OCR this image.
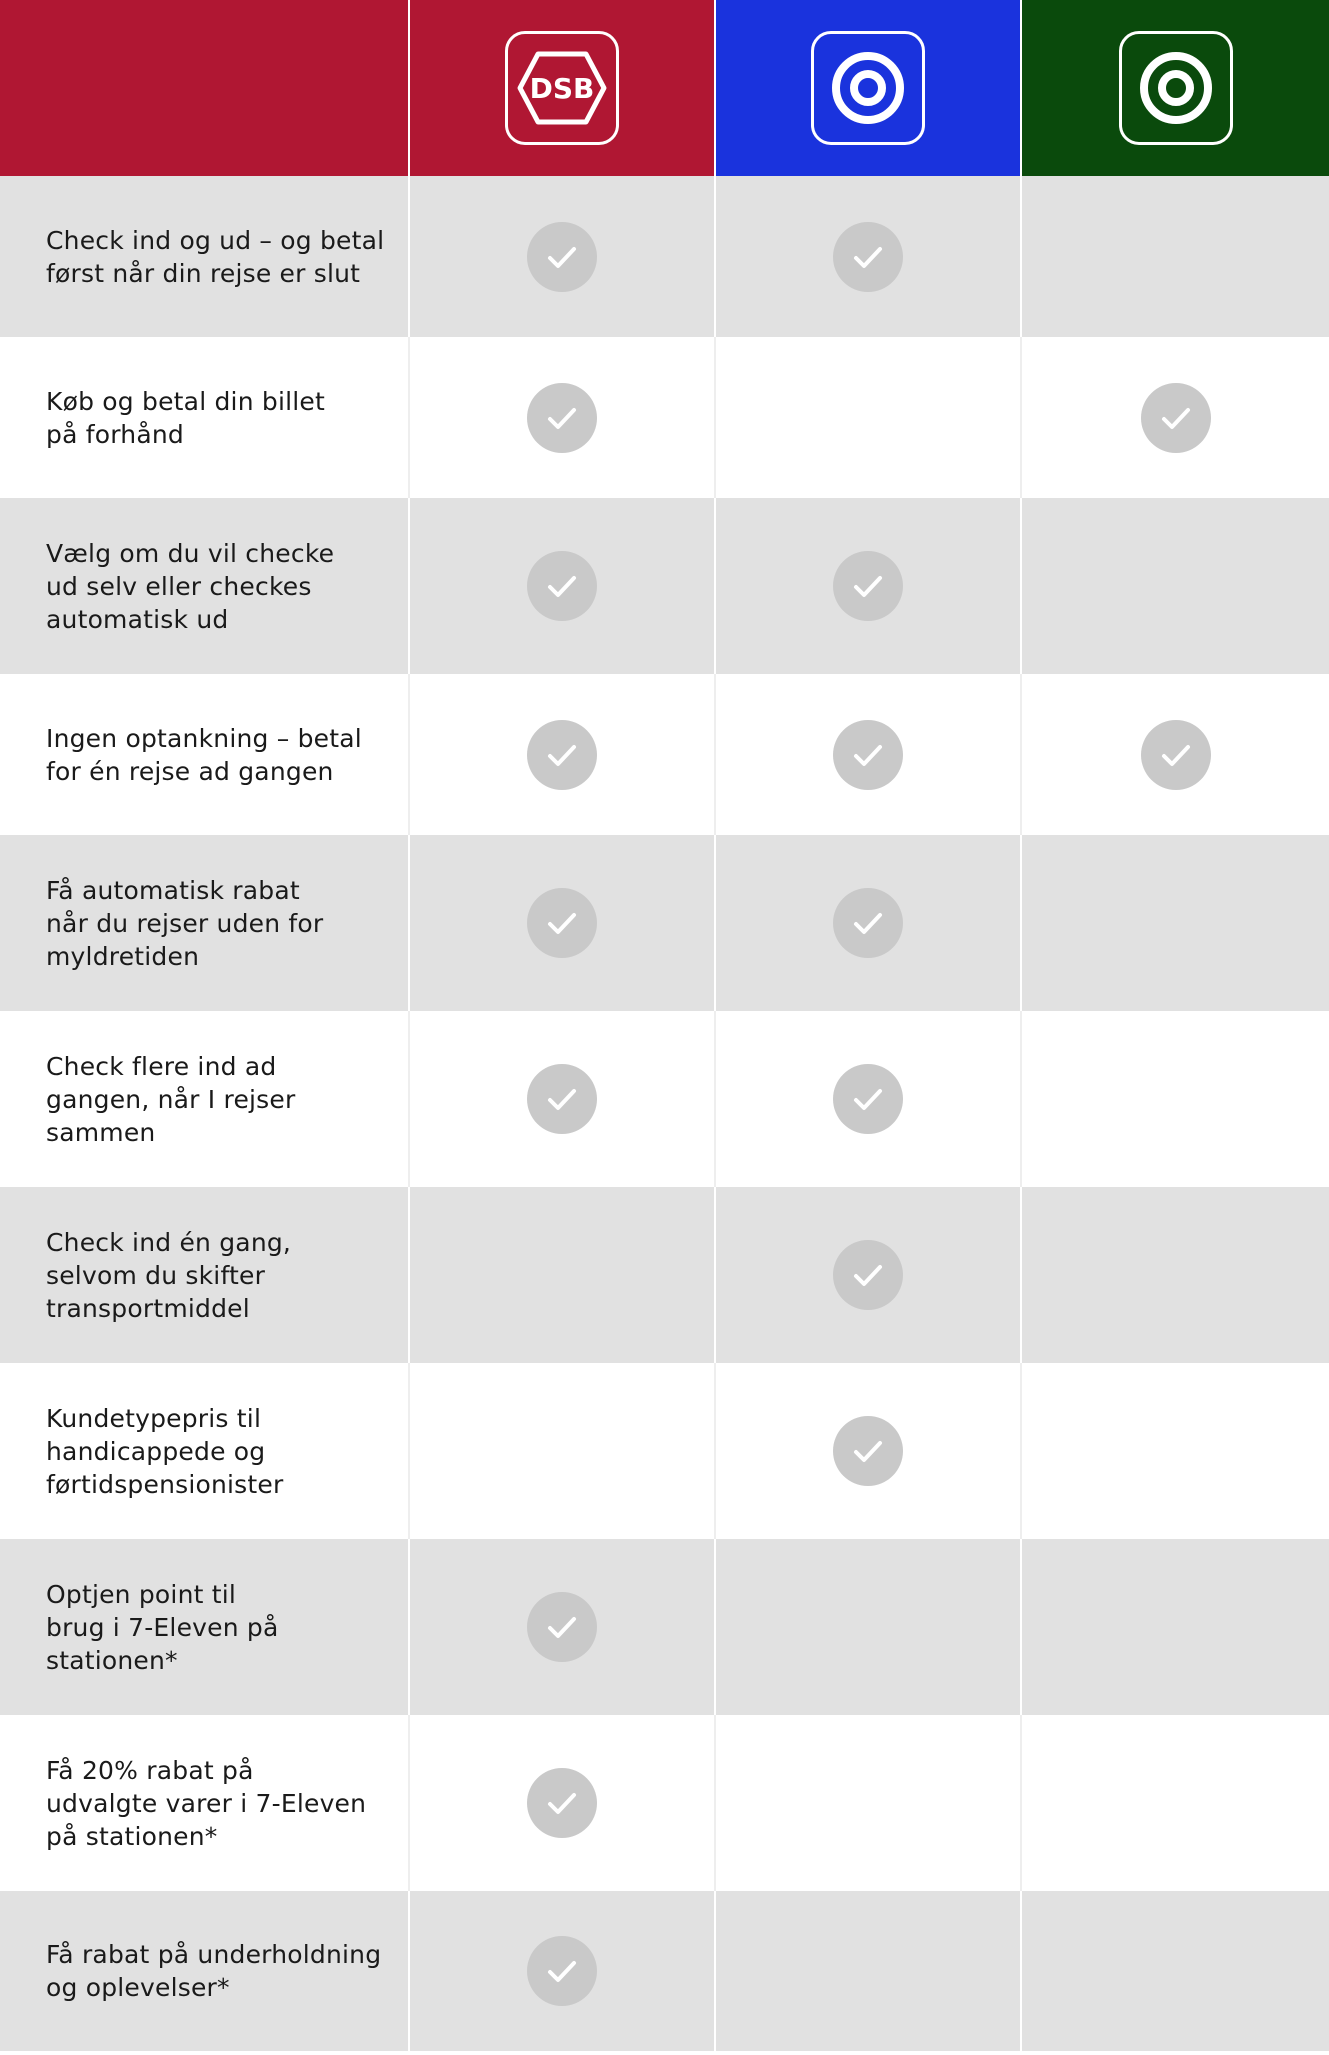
DSB
Check ind og ud – og betal
først når din rejse er slut
Køb og betal din billet
på forhånd
Vælg om du vil checke
ud selv eller checkes
automatisk ud
Ingen optankning – betal
for én rejse ad gangen
Få automatisk rabat
når du rejser uden for
myldretiden
Check flere ind ad
gangen, når I rejser
sammen
Check ind én gang,
selvom du skifter
transportmiddel
Kundetypepris til
handicappede og
førtidspensionister
Optjen point til
brug i 7-Eleven på
stationen*
Få 20% rabat på
udvalgte varer i 7-Eleven
på stationen*
Få rabat på underholdning
og oplevelser*
